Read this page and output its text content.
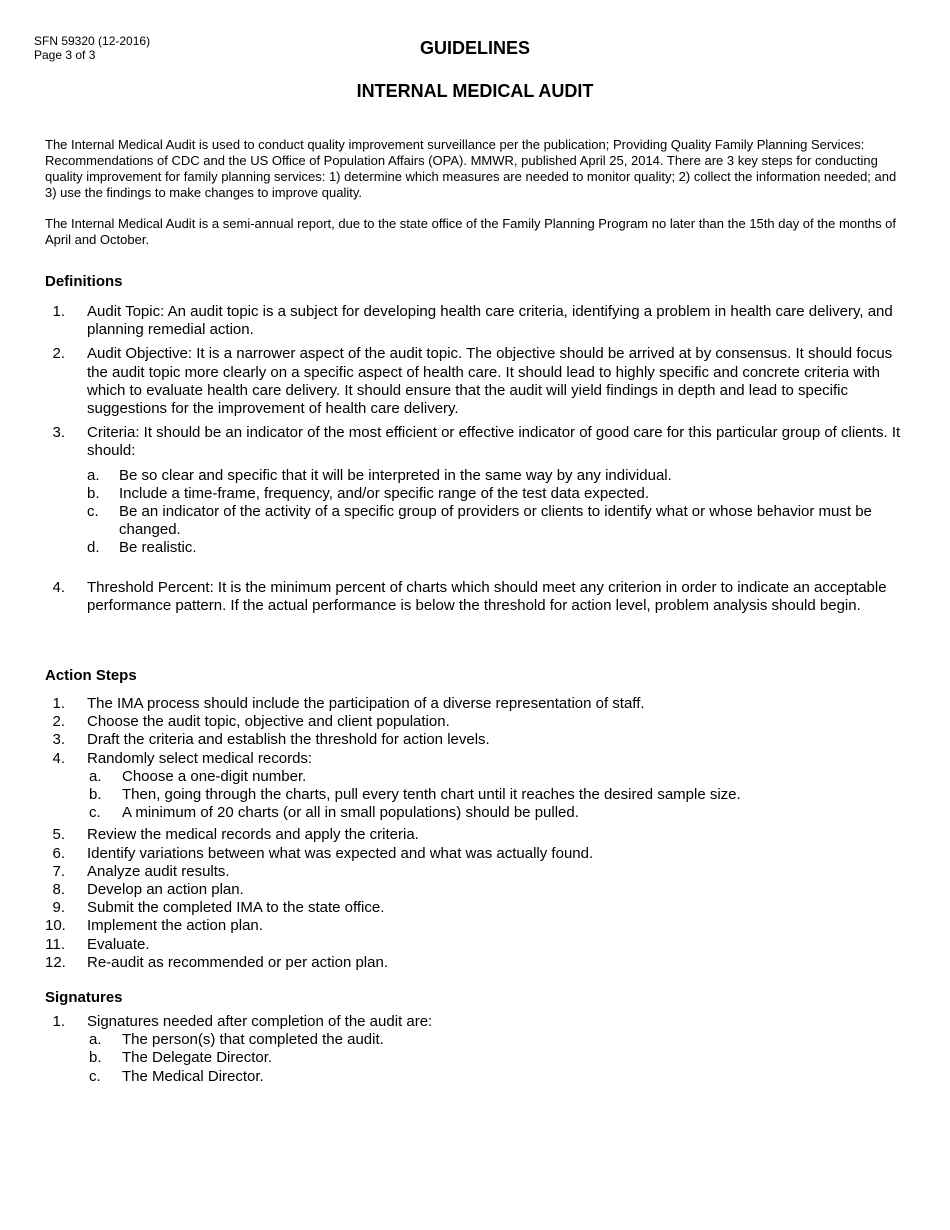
SFN 59320 (12-2016)
Page 3 of 3	GUIDELINES
INTERNAL MEDICAL AUDIT
The Internal Medical Audit is used to conduct quality improvement surveillance per the publication; Providing Quality Family Planning Services: Recommendations of CDC and the US Office of Population Affairs (OPA). MMWR, published April 25, 2014. There are 3 key steps for conducting quality improvement for family planning services: 1) determine which measures are needed to monitor quality; 2) collect the information needed; and 3) use the findings to make changes to improve quality.
The Internal Medical Audit is a semi-annual report, due to the state office of the Family Planning Program no later than the 15th day of the months of April and October.
Definitions
1. Audit Topic: An audit topic is a subject for developing health care criteria, identifying a problem in health care delivery, and planning remedial action.
2. Audit Objective: It is a narrower aspect of the audit topic. The objective should be arrived at by consensus. It should focus the audit topic more clearly on a specific aspect of health care. It should lead to highly specific and concrete criteria with which to evaluate health care delivery. It should ensure that the audit will yield findings in depth and lead to specific suggestions for the improvement of health care delivery.
3. Criteria: It should be an indicator of the most efficient or effective indicator of good care for this particular group of clients. It should:
a. Be so clear and specific that it will be interpreted in the same way by any individual.
b. Include a time-frame, frequency, and/or specific range of the test data expected.
c. Be an indicator of the activity of a specific group of providers or clients to identify what or whose behavior must be changed.
d. Be realistic.
4. Threshold Percent: It is the minimum percent of charts which should meet any criterion in order to indicate an acceptable performance pattern. If the actual performance is below the threshold for action level, problem analysis should begin.
Action Steps
1. The IMA process should include the participation of a diverse representation of staff.
2. Choose the audit topic, objective and client population.
3. Draft the criteria and establish the threshold for action levels.
4. Randomly select medical records:
a. Choose a one-digit number.
b. Then, going through the charts, pull every tenth chart until it reaches the desired sample size.
c. A minimum of 20 charts (or all in small populations) should be pulled.
5. Review the medical records and apply the criteria.
6. Identify variations between what was expected and what was actually found.
7. Analyze audit results.
8. Develop an action plan.
9. Submit the completed IMA to the state office.
10. Implement the action plan.
11. Evaluate.
12. Re-audit as recommended or per action plan.
Signatures
1. Signatures needed after completion of the audit are:
a. The person(s) that completed the audit.
b. The Delegate Director.
c. The Medical Director.
